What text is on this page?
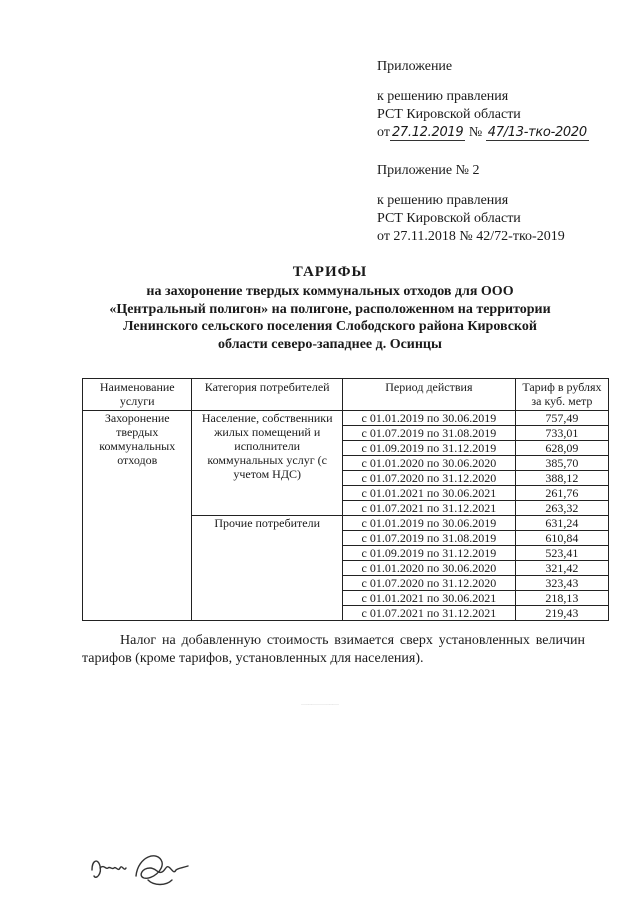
Приложение
к решению правления
РСТ Кировской области
от 27.12.2019 № 47/13-тко-2020
Приложение № 2
к решению правления
РСТ Кировской области
от 27.11.2018 № 42/72-тко-2019
ТАРИФЫ
на захоронение твердых коммунальных отходов для ООО
«Центральный полигон» на полигоне, расположенном на территории
Ленинского сельского поселения Слободского района Кировской
области северо-западнее д. Осинцы
Наименование услуги	Категория потребителей	Период действия	Тариф в рублях за куб. метр
Захоронение твердых коммунальных отходов	Население, собственники жилых помещений и исполнители коммунальных услуг (с учетом НДС)	с 01.01.2019 по 30.06.2019	757,49
		с 01.07.2019 по 31.08.2019	733,01
		с 01.09.2019 по 31.12.2019	628,09
		с 01.01.2020 по 30.06.2020	385,70
		с 01.07.2020 по 31.12.2020	388,12
		с 01.01.2021 по 30.06.2021	261,76
		с 01.07.2021 по 31.12.2021	263,32
	Прочие потребители	с 01.01.2019 по 30.06.2019	631,24
		с 01.07.2019 по 31.08.2019	610,84
		с 01.09.2019 по 31.12.2019	523,41
		с 01.01.2020 по 30.06.2020	321,42
		с 01.07.2020 по 31.12.2020	323,43
		с 01.01.2021 по 30.06.2021	218,13
		с 01.07.2021 по 31.12.2021	219,43
Налог на добавленную стоимость взимается сверх установленных величин тарифов (кроме тарифов, установленных для населения).
........................................
